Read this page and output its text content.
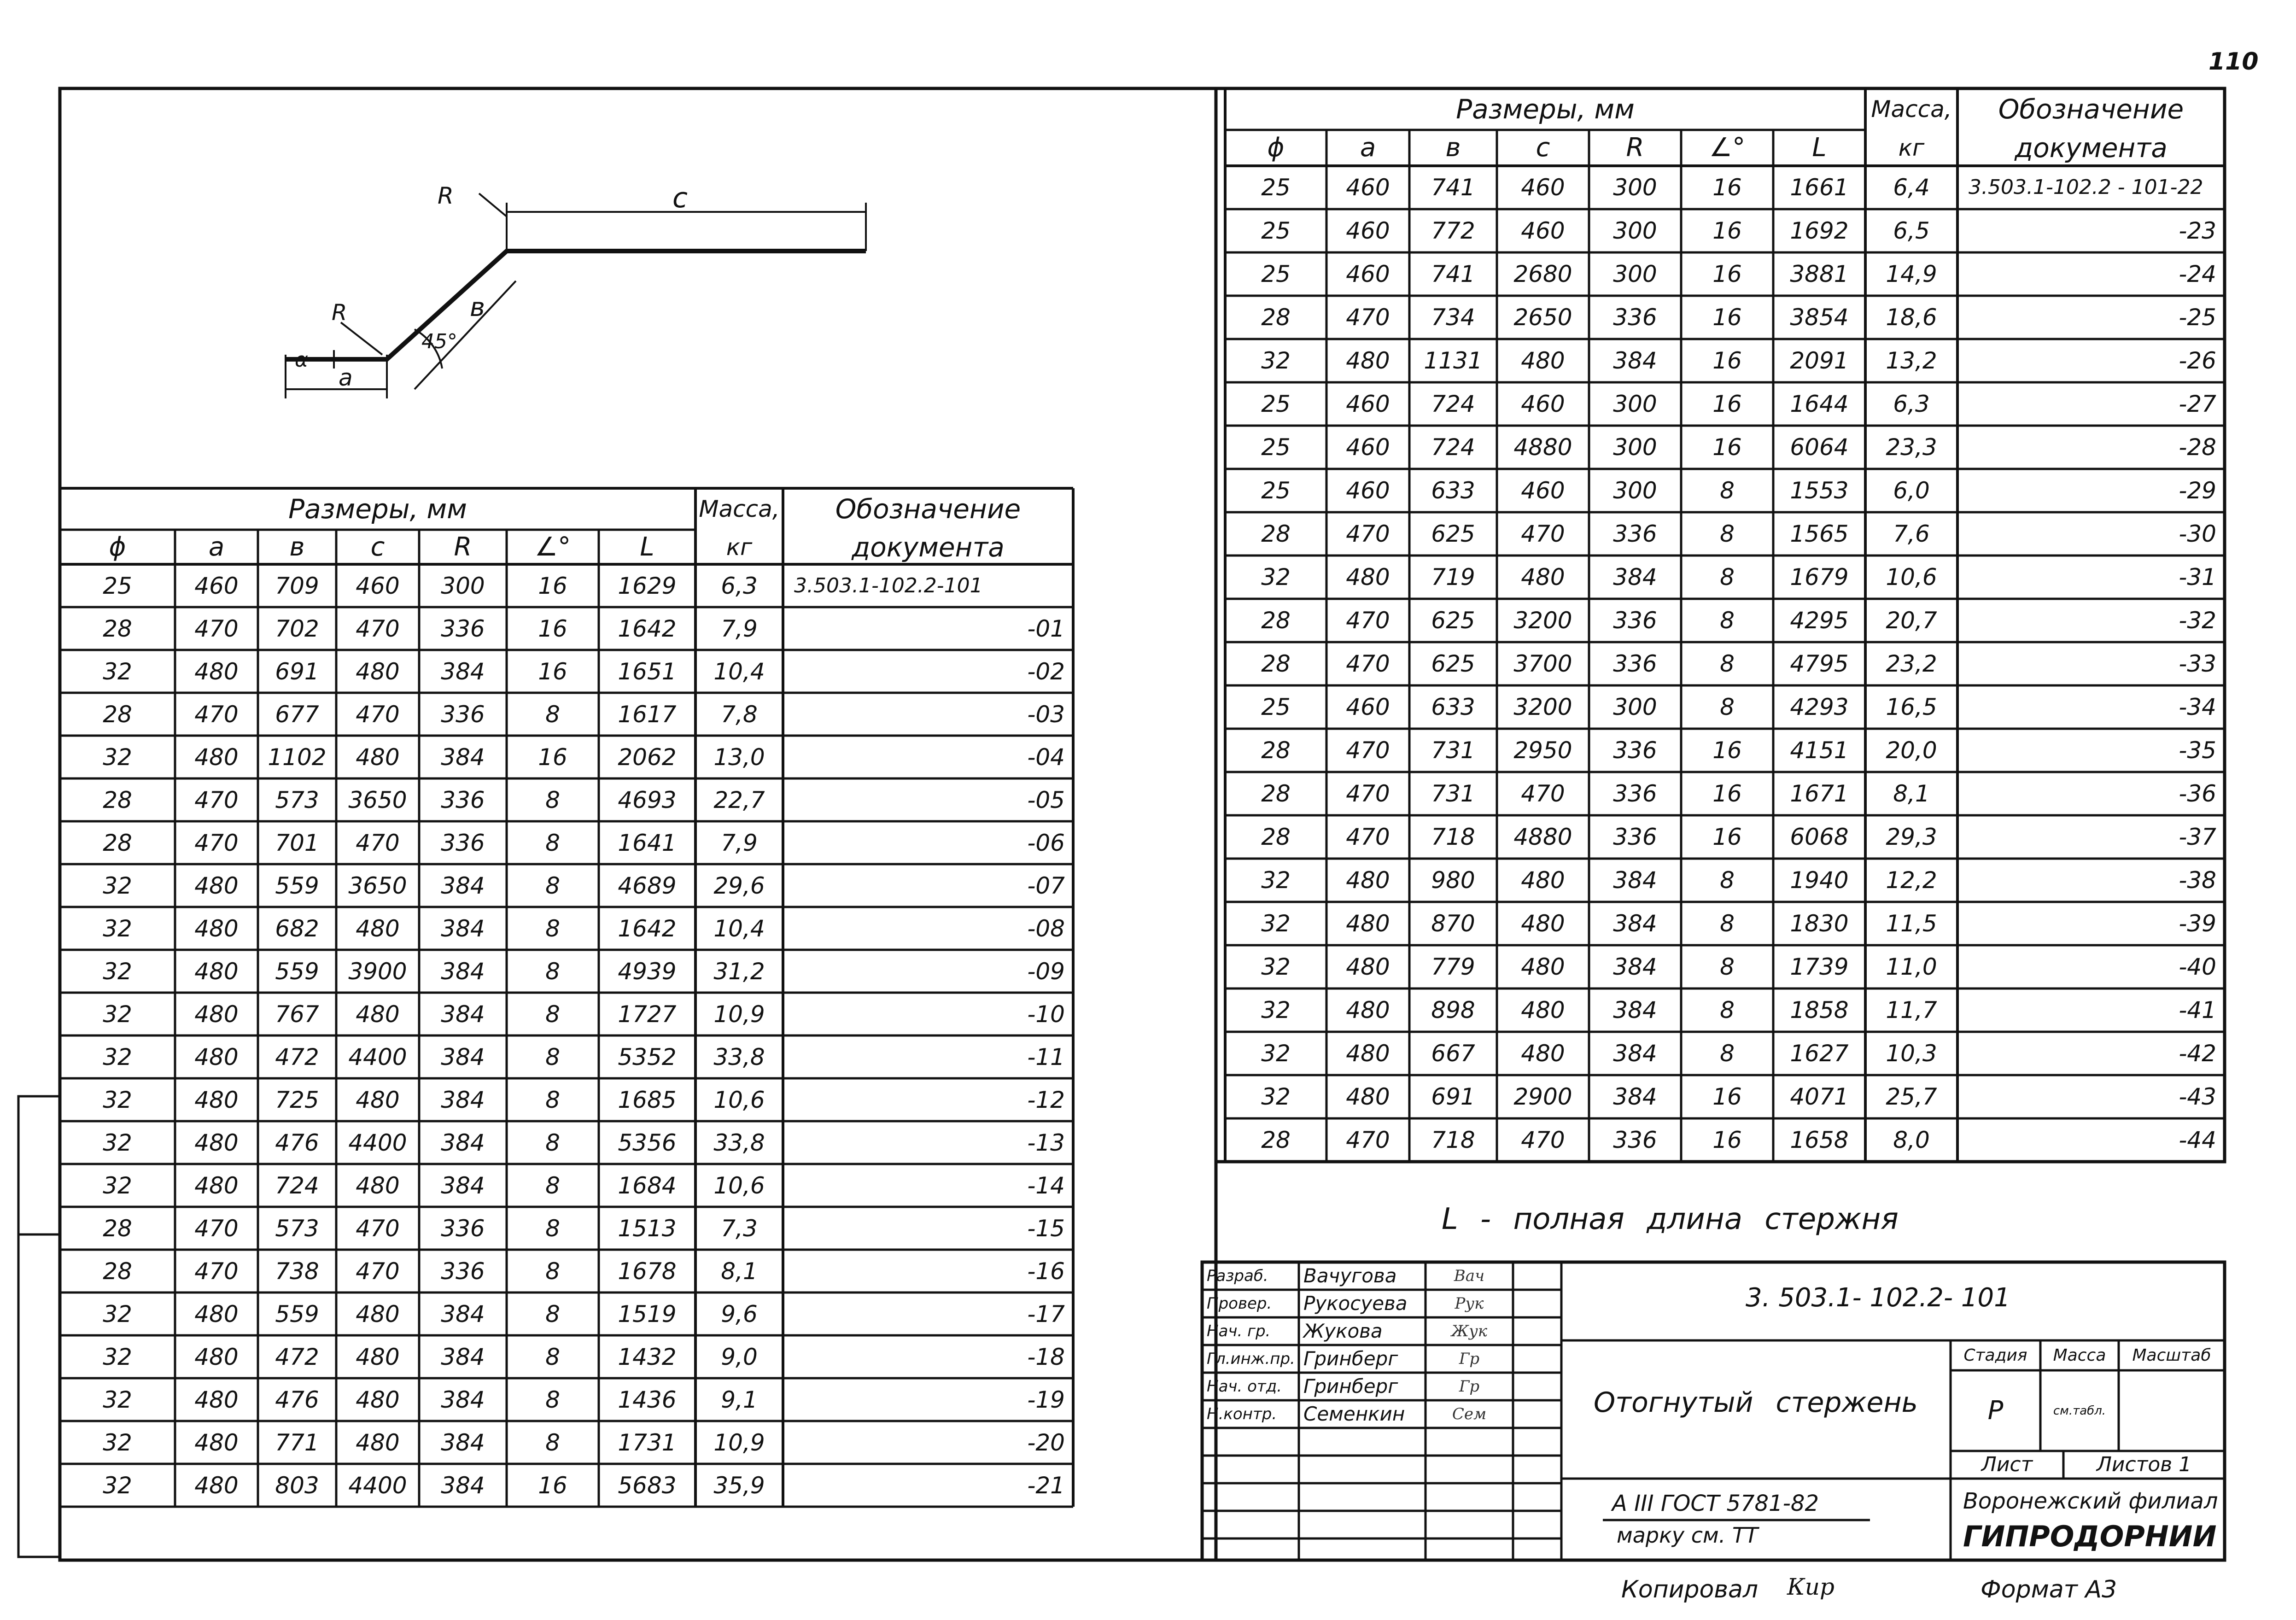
R	c
в
R
45°
α
a
110
Размеры, мм	Масса,
кг
Обозначение
документа
ϕ	a	в	c	R	∠°	L
25	460	709	460	300	16	1629	6,3	3.503.1-102.2-101
28	470	702	470	336	16	1642	7,9	-01
32	480	691	480	384	16	1651	10,4	-02
28	470	677	470	336	8	1617	7,8	-03
32	480	1102	480	384	16	2062	13,0	-04
28	470	573	3650	336	8	4693	22,7	-05
28	470	701	470	336	8	1641	7,9	-06
32	480	559	3650	384	8	4689	29,6	-07
32	480	682	480	384	8	1642	10,4	-08
32	480	559	3900	384	8	4939	31,2	-09
32	480	767	480	384	8	1727	10,9	-10
32	480	472	4400	384	8	5352	33,8	-11
32	480	725	480	384	8	1685	10,6	-12
32	480	476	4400	384	8	5356	33,8	-13
32	480	724	480	384	8	1684	10,6	-14
28	470	573	470	336	8	1513	7,3	-15
28	470	738	470	336	8	1678	8,1	-16
32	480	559	480	384	8	1519	9,6	-17
32	480	472	480	384	8	1432	9,0	-18
32	480	476	480	384	8	1436	9,1	-19
32	480	771	480	384	8	1731	10,9	-20
32	480	803	4400	384	16	5683	35,9	-21
Размеры, мм	Масса,
кг
Обозначение
документа
ϕ	a	в	c	R	∠°	L
25	460	741	460	300	16	1661	6,4	3.503.1-102.2 - 101-22
25	460	772	460	300	16	1692	6,5	-23
25	460	741	2680	300	16	3881	14,9	-24
28	470	734	2650	336	16	3854	18,6	-25
32	480	1131	480	384	16	2091	13,2	-26
25	460	724	460	300	16	1644	6,3	-27
25	460	724	4880	300	16	6064	23,3	-28
25	460	633	460	300	8	1553	6,0	-29
28	470	625	470	336	8	1565	7,6	-30
32	480	719	480	384	8	1679	10,6	-31
28	470	625	3200	336	8	4295	20,7	-32
28	470	625	3700	336	8	4795	23,2	-33
25	460	633	3200	300	8	4293	16,5	-34
28	470	731	2950	336	16	4151	20,0	-35
28	470	731	470	336	16	1671	8,1	-36
28	470	718	4880	336	16	6068	29,3	-37
32	480	980	480	384	8	1940	12,2	-38
32	480	870	480	384	8	1830	11,5	-39
32	480	779	480	384	8	1739	11,0	-40
32	480	898	480	384	8	1858	11,7	-41
32	480	667	480	384	8	1627	10,3	-42
32	480	691	2900	384	16	4071	25,7	-43
28	470	718	470	336	16	1658	8,0	-44
L - полная длина стержня
Разраб.	Вачугова	Вач
Провер.	Рукосуева	Рук
Нач. гр.	Жукова	Жук
Гл.инж.пр. Гринберг	Гр
Нач. отд.	Гринберг	Гр
Н.контр.	Семенкин	Сем
3. 503.1- 102.2- 101
Стадия	Масса	Масштаб
Р	см.табл.
Отогнутый стержень
Лист	Листов 1
А III ГОСТ 5781-82
марку см. ТТ
Воронежский филиал
ГИПРОДОРНИИ
Копировал Кир	Формат А3
